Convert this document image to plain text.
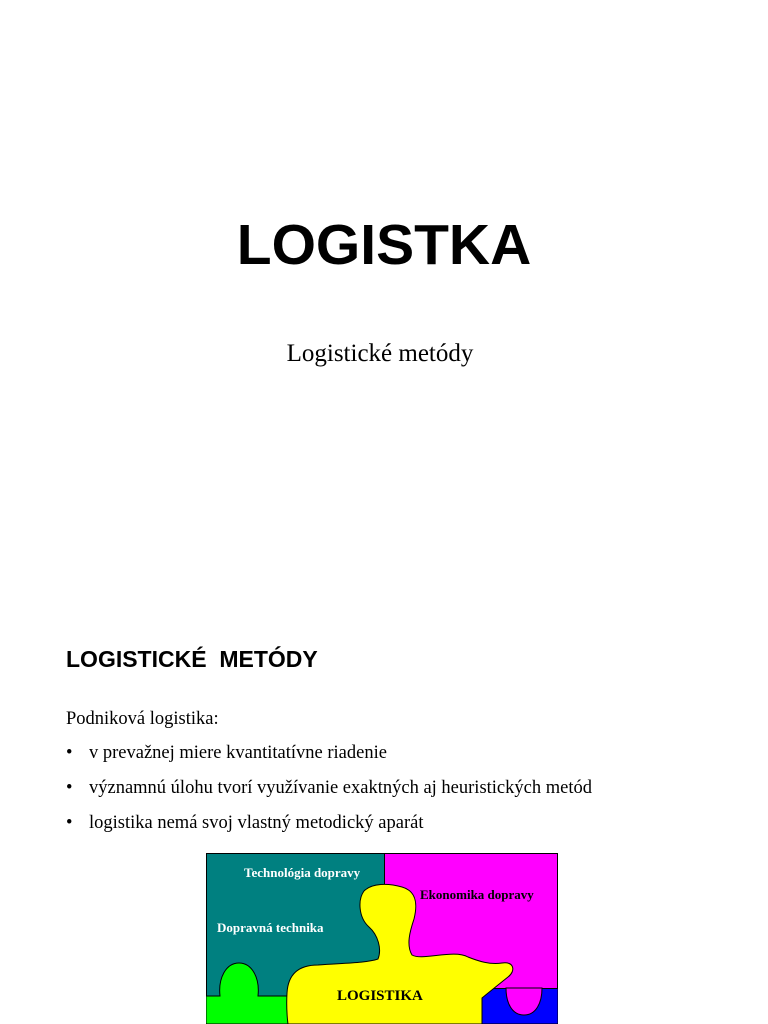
LOGISTKA

Logistické metódy

LOGISTICKÉ  METÓDY

Podniková logistika:

• v prevažnej miere kvantitatívne riadenie
• významnú úlohu tvorí využívanie exaktných aj heuristických metód
• logistika nemá svoj vlastný metodický aparát
Technológia dopravy
Ekonomika dopravy
Dopravná technika
LOGISTIKA
